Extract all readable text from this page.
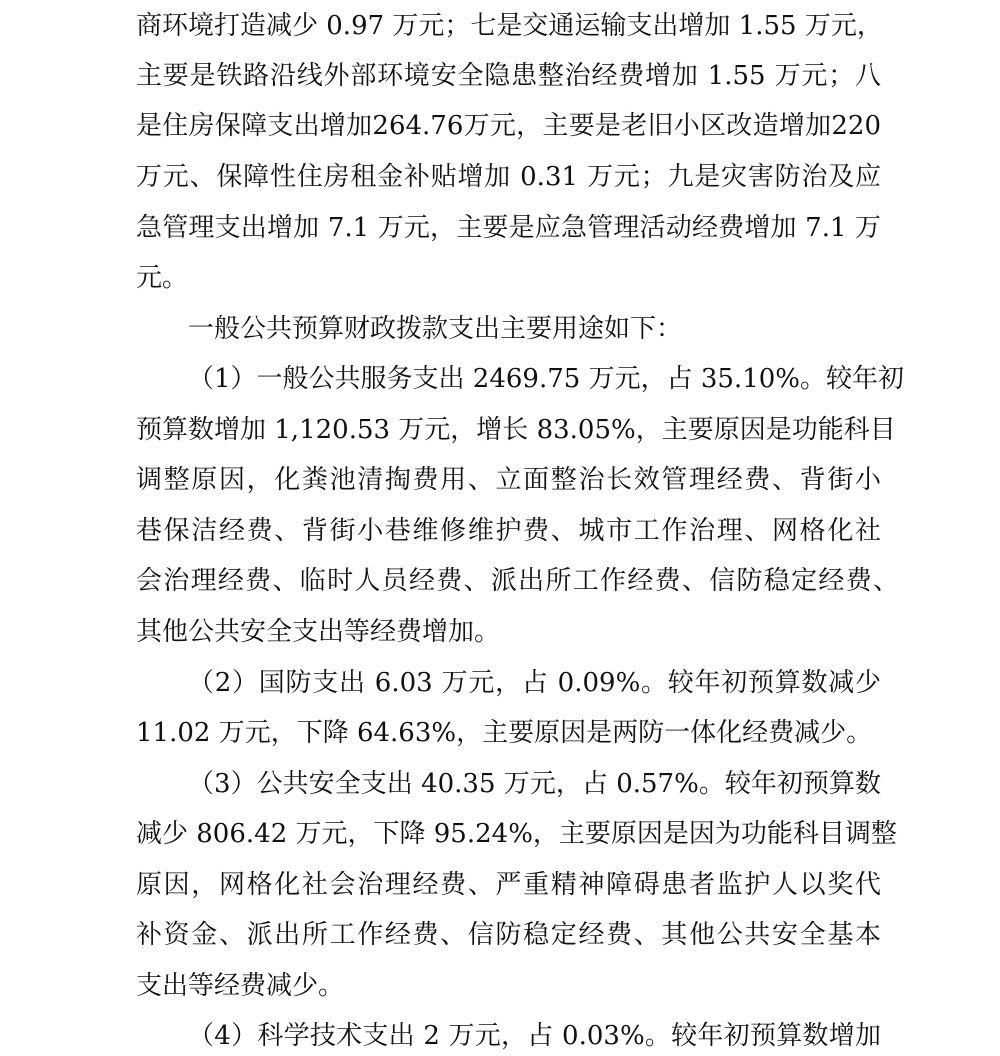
商环境打造减少 0.97 万元；七是交通运输支出增加 1.55 万元，
主要是铁路沿线外部环境安全隐患整治经费增加 1.55 万元；八
是住房保障支出增加264.76万元，主要是老旧小区改造增加220
万元、保障性住房租金补贴增加 0.31 万元；九是灾害防治及应
急管理支出增加 7.1 万元，主要是应急管理活动经费增加 7.1 万
元。
一般公共预算财政拨款支出主要用途如下：
（1）一般公共服务支出 2469.75 万元，占 35.10%。较年初
预算数增加 1,120.53 万元，增长 83.05%，主要原因是功能科目
调整原因，化粪池清掏费用、立面整治长效管理经费、背街小
巷保洁经费、背街小巷维修维护费、城市工作治理、网格化社
会治理经费、临时人员经费、派出所工作经费、信防稳定经费、
其他公共安全支出等经费增加。
（2）国防支出 6.03 万元，占 0.09%。较年初预算数减少
11.02 万元，下降 64.63%，主要原因是两防一体化经费减少。
（3）公共安全支出 40.35 万元，占 0.57%。较年初预算数
减少 806.42 万元，下降 95.24%，主要原因是因为功能科目调整
原因，网格化社会治理经费、严重精神障碍患者监护人以奖代
补资金、派出所工作经费、信防稳定经费、其他公共安全基本
支出等经费减少。
（4）科学技术支出 2 万元，占 0.03%。较年初预算数增加
